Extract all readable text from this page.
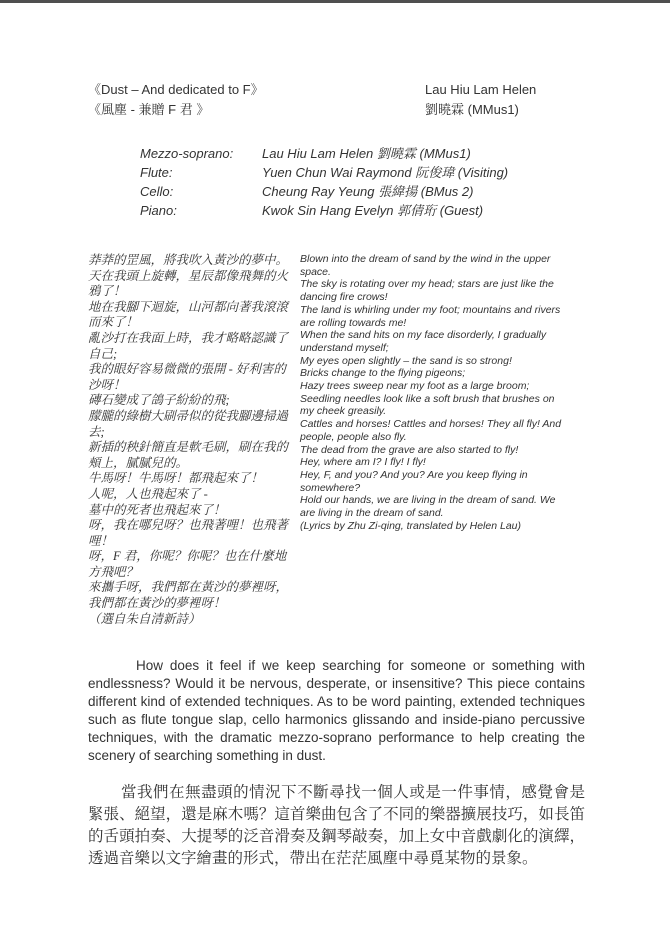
《Dust – And dedicated to F》
《風塵 - 兼贈 F 君 》
Lau Hiu Lam Helen
劉曉霖 (MMus1)
Mezzo-soprano:	Lau Hiu Lam Helen 劉曉霖 (MMus1)
Flute:	Yuen Chun Wai Raymond 阮俊瑋 (Visiting)
Cello:	Cheung Ray Yeung 張緯揚 (BMus 2)
Piano:	Kwok Sin Hang Evelyn 郭倩珩 (Guest)
莽莽的罡風，將我吹入黃沙的夢中。
天在我頭上旋轉，星辰都像飛舞的火鴉了！
地在我腳下迴旋，山河都向著我滾滾而來了！
亂沙打在我面上時，我才略略認識了自己;
我的眼好容易微微的張開 - 好利害的沙呀！
磚石變成了鴿子紛紛的飛;
朦朧的綠樹大刷帚似的從我腳邊掃過去;
新插的秧針簡直是軟毛刷，刷在我的頰上，膩膩兒的。
牛馬呀！牛馬呀！都飛起來了！
人呢，人也飛起來了 -
墓中的死者也飛起來了！
呀，我在哪兒呀？也飛著哩！也飛著哩！
呀，F 君，你呢？你呢？也在什麼地方飛吧？
來攜手呀，我們都在黃沙的夢裡呀，我們都在黃沙的夢裡呀！
（選自朱自清新詩）
Blown into the dream of sand by the wind in the upper space.
The sky is rotating over my head; stars are just like the dancing fire crows!
The land is whirling under my foot; mountains and rivers are rolling towards me!
When the sand hits on my face disorderly, I gradually understand myself;
My eyes open slightly – the sand is so strong!
Bricks change to the flying pigeons;
Hazy trees sweep near my foot as a large broom;
Seedling needles look like a soft brush that brushes on my cheek greasily.
Cattles and horses! Cattles and horses! They all fly! And people, people also fly.
The dead from the grave are also started to fly!
Hey, where am I? I fly! I fly!
Hey, F, and you? And you? Are you keep flying in somewhere?
Hold our hands, we are living in the dream of sand. We are living in the dream of sand.
(Lyrics by Zhu Zi-qing, translated by Helen Lau)

How does it feel if we keep searching for someone or something with endlessness? Would it be nervous, desperate, or insensitive? This piece contains different kind of extended techniques. As to be word painting, extended techniques such as flute tongue slap, cello harmonics glissando and inside-piano percussive techniques, with the dramatic mezzo-soprano performance to help creating the scenery of searching something in dust.

當我們在無盡頭的情況下不斷尋找一個人或是一件事情，感覺會是緊張、絕望，還是麻木嗎？這首樂曲包含了不同的樂器擴展技巧，如長笛的舌頭拍奏、大提琴的泛音滑奏及鋼琴敲奏，加上女中音戲劇化的演繹，透過音樂以文字繪畫的形式，帶出在茫茫風塵中尋覓某物的景象。
